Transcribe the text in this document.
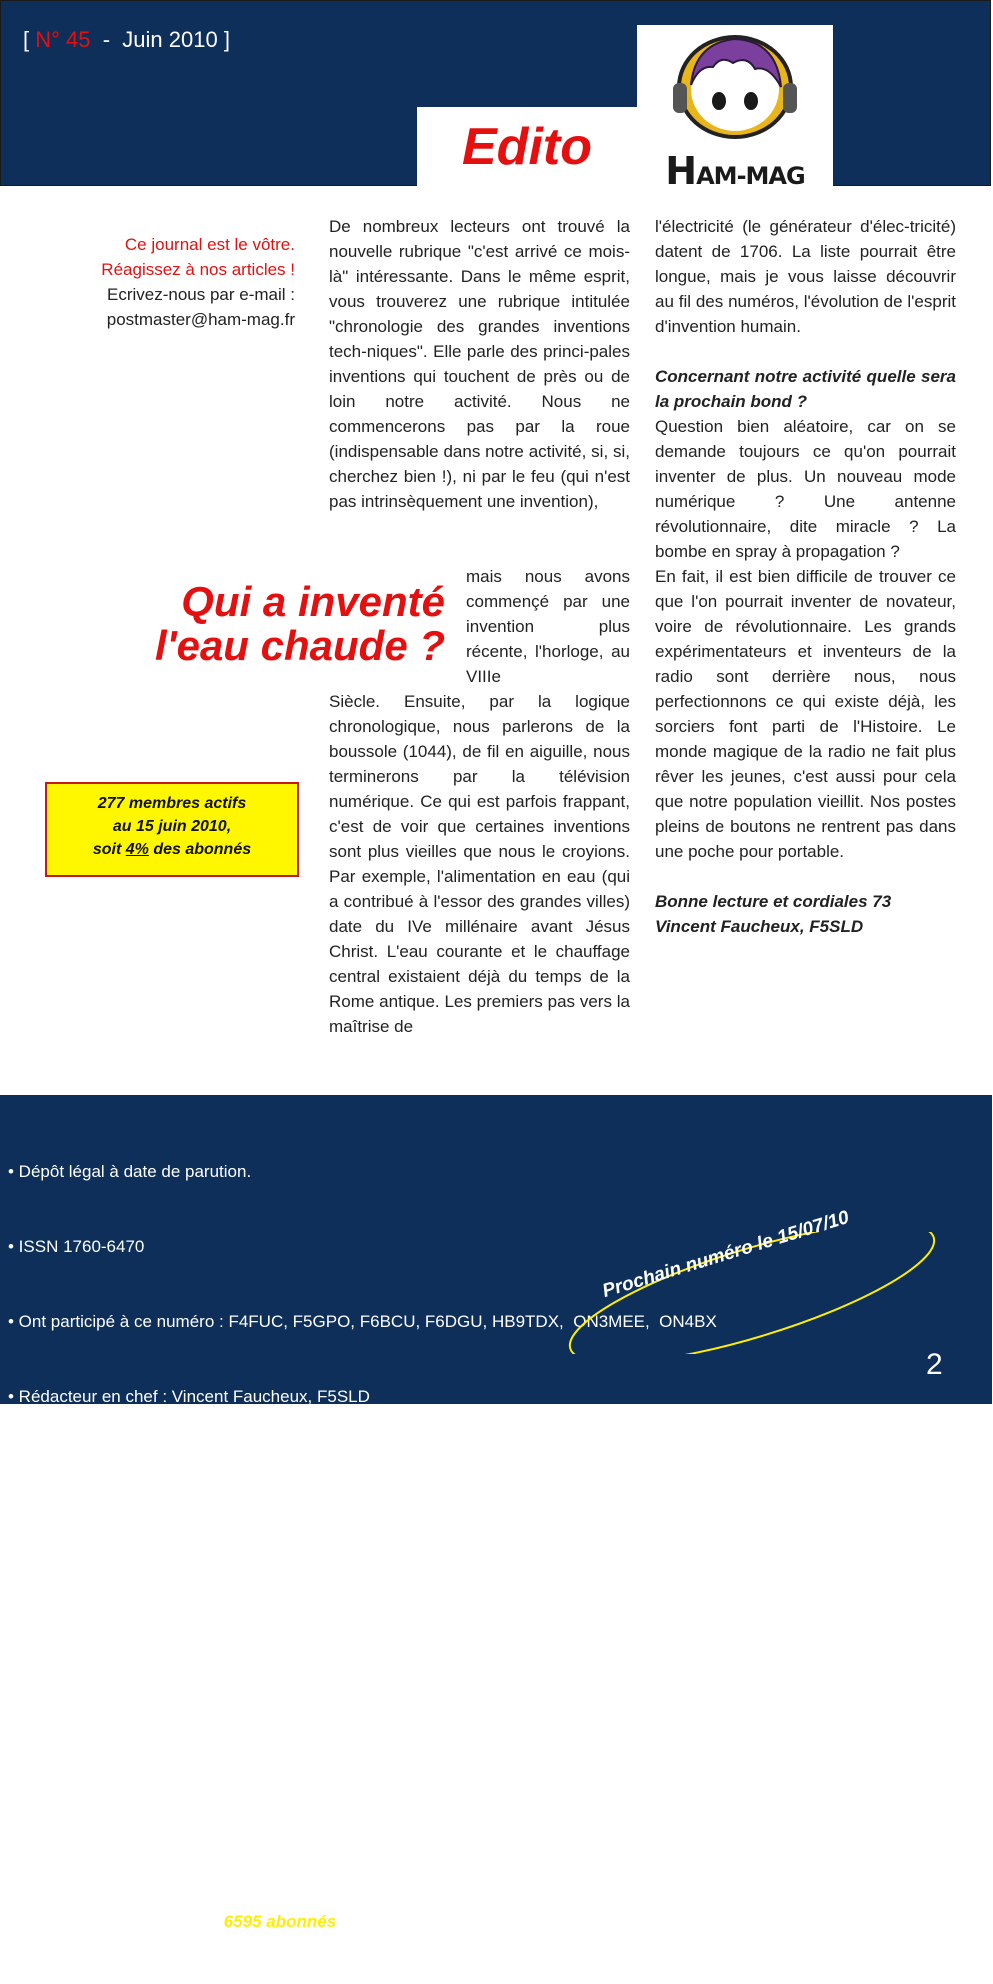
[ N° 45  -  Juin 2010 ]
Edito	HAM-MAG
Ce journal est le vôtre.
Réagissez à nos articles !
Ecrivez-nous par e-mail :
postmaster@ham-mag.fr
Qui a inventé
l'eau chaude ?
277 membres actifs
au 15 juin 2010,
soit 4% des abonnés

De nombreux lecteurs ont trouvé la nouvelle rubrique "c'est arrivé ce mois-là" intéressante. Dans le même esprit, vous trouverez une rubrique intitulée "chronologie des grandes inventions tech-niques". Elle parle des princi-pales inventions qui touchent de près ou de loin notre activité. Nous ne commencerons pas par la roue (indispensable dans notre activité, si, si, cherchez bien !), ni par le feu (qui n'est pas intrinsèquement une invention),

mais nous avons commençé par une invention plus récente, l'horloge, au VIIIe

Siècle. Ensuite, par la logique chronologique, nous parlerons de la boussole (1044), de fil en aiguille, nous terminerons par la télévision numérique. Ce qui est parfois frappant, c'est de voir que certaines inventions sont plus vieilles que nous le croyions. Par exemple, l'alimentation en eau (qui a contribué à l'essor des grandes villes) date du IVe millénaire avant Jésus Christ. L'eau courante et le chauffage central existaient déjà du temps de la Rome antique. Les premiers pas vers la maîtrise de

l'électricité (le générateur d'élec-tricité) datent de 1706. La liste pourrait être longue, mais je vous laisse découvrir au fil des numéros, l'évolution de l'esprit d'invention humain.

Concernant notre activité quelle sera la prochain bond ?

Question bien aléatoire, car on se demande toujours ce qu'on pourrait inventer de plus. Un nouveau mode numérique ? Une antenne révolutionnaire, dite miracle ? La bombe en spray à propagation ?

En fait, il est bien difficile de trouver ce que l'on pourrait inventer de novateur, voire de révolutionnaire. Les grands expérimentateurs et inventeurs de la radio sont derrière nous, nous perfectionnons ce qui existe déjà, les sorciers font parti de l'Histoire. Le monde magique de la radio ne fait plus rêver les jeunes, c'est aussi pour cela que notre population vieillit. Nos postes pleins de boutons ne rentrent pas dans une poche pour portable.

Bonne lecture et cordiales 73

Vincent Faucheux, F5SLD

• Dépôt légal à date de parution.

• ISSN 1760-6470

• Ont participé à ce numéro : F4FUC, F5GPO, F6BCU, F6DGU, HB9TDX,  ON3MEE,  ON4BX

• Rédacteur en chef : Vincent Faucheux, F5SLD

• Comité de lecture :  F4FUC, F5OZK, F5SLD, ON7SEB.

• Conception graphique : V.N.A.C.E.

• Ham-mag ©     Association loi 1901 N°W595016274

• Site Web : http://www.ham-mag.fr

• Contact : postmaster@ham-mag.fr

• Ce numéro a été envoyé à 6595 abonnés.

Prochain numéro le 15/07/10
2
